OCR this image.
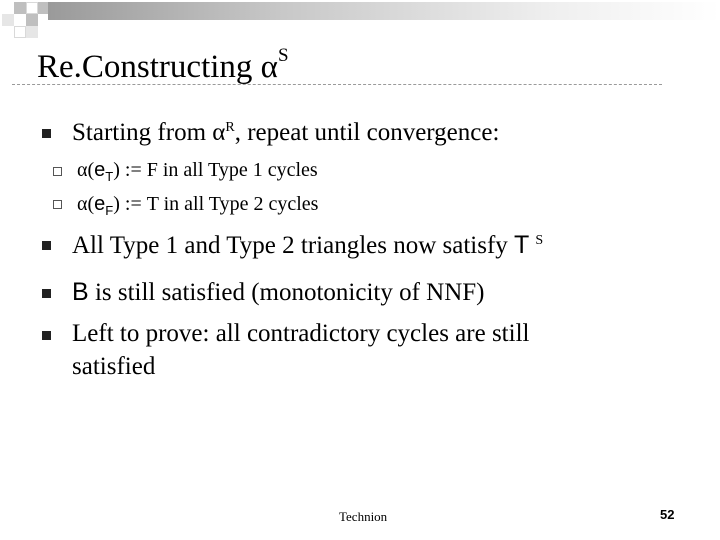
Re.Constructing $\alpha^S$
Starting from $\alpha^R$, repeat until convergence:
$\alpha(e_T)$ := F in all Type 1 cycles
$\alpha(e_F)$ := T in all Type 2 cycles
All Type 1 and Type 2 triangles now satisfy T $^S$
B is still satisfied (monotonicity of NNF)
Left to prove: all contradictory cycles are still
satisfied
Technion	52
